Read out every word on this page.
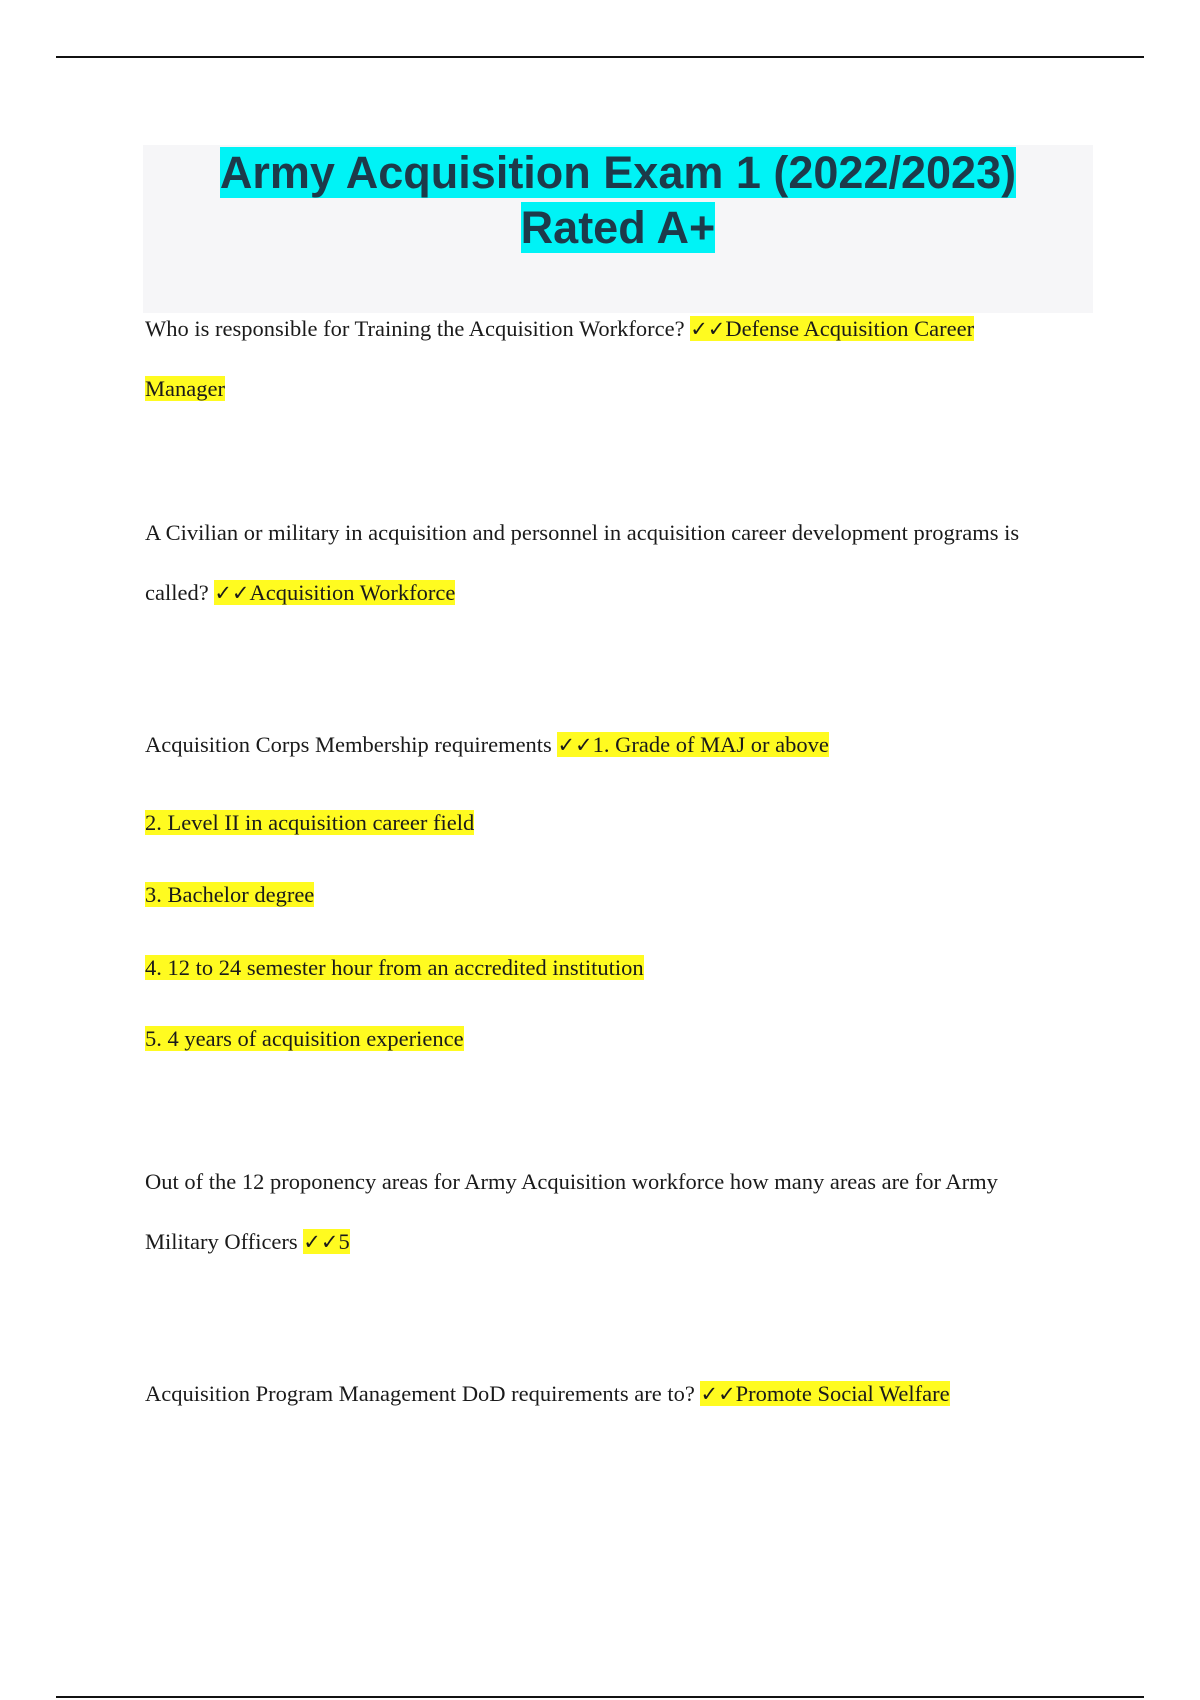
Army Acquisition Exam 1 (2022/2023)
Rated A+
Who is responsible for Training the Acquisition Workforce? ✓✓Defense Acquisition Career
Manager
A Civilian or military in acquisition and personnel in acquisition career development programs is
called? ✓✓Acquisition Workforce
Acquisition Corps Membership requirements ✓✓1. Grade of MAJ or above
2. Level II in acquisition career field
3. Bachelor degree
4. 12 to 24 semester hour from an accredited institution
5. 4 years of acquisition experience
Out of the 12 proponency areas for Army Acquisition workforce how many areas are for Army
Military Officers ✓✓5
Acquisition Program Management DoD requirements are to? ✓✓Promote Social Welfare
